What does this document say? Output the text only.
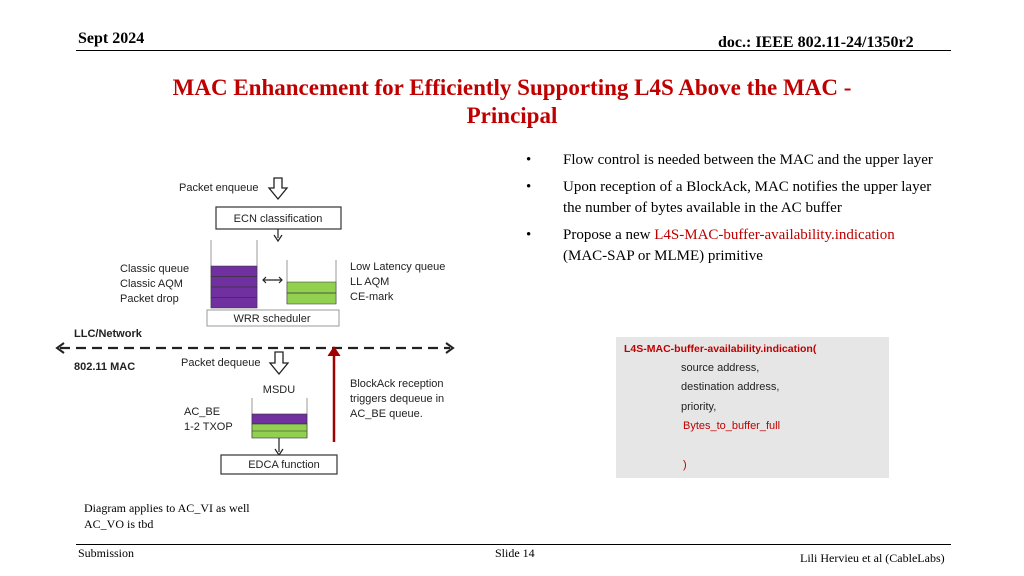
Sept 2024	doc.: IEEE 802.11-24/1350r2
MAC Enhancement for Efficiently Supporting L4S Above the MAC -
Principal
•	Flow control is needed between the MAC and the upper layer
•	Upon reception of a BlockAck, MAC notifies the upper layer the number of bytes available in the AC buffer
•	Propose a new L4S-MAC-buffer-availability.indication (MAC-SAP or MLME) primitive
Packet enqueue
ECN classification
Classic queue
Classic AQM
Packet drop
Low Latency queue
LL AQM
CE-mark
WRR scheduler
LLC/Network
802.11 MAC	Packet dequeue
MSDU
AC_BE
1-2 TXOP
EDCA function
BlockAck reception
triggers dequeue in
AC_BE queue.
L4S-MAC-buffer-availability.indication(
source address,
destination address,
priority,
Bytes_to_buffer_full
)
Diagram applies to AC_VI as well
AC_VO is tbd
Submission	Slide 14	Lili Hervieu et al (CableLabs)
